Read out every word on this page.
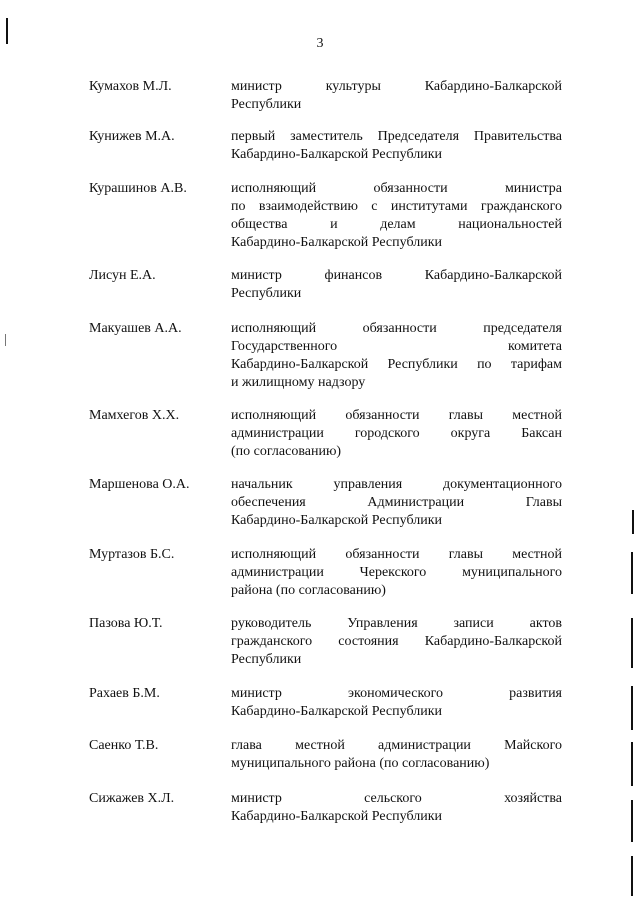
3
Кумахов М.Л.	министр культуры Кабардино-Балкарской
Республики
Кунижев М.А.	первый заместитель Председателя Правительства
Кабардино-Балкарской Республики
Курашинов А.В.	исполняющий обязанности министра
по взаимодействию с институтами гражданского
общества и делам национальностей
Кабардино-Балкарской Республики
Лисун Е.А.	министр финансов Кабардино-Балкарской
Республики
Макуашев А.А.	исполняющий обязанности председателя
Государственного комитета
Кабардино-Балкарской Республики по тарифам
и жилищному надзору
Мамхегов Х.Х.	исполняющий обязанности главы местной
администрации городского округа Баксан
(по согласованию)
Маршенова О.А.	начальник управления документационного
обеспечения Администрации Главы
Кабардино-Балкарской Республики
Муртазов Б.С.	исполняющий обязанности главы местной
администрации Черекского муниципального
района (по согласованию)
Пазова Ю.Т.	руководитель Управления записи актов
гражданского состояния Кабардино-Балкарской
Республики
Рахаев Б.М.	министр экономического развития
Кабардино-Балкарской Республики
Саенко Т.В.	глава местной администрации Майского
муниципального района (по согласованию)
Сижажев Х.Л.	министр сельского хозяйства
Кабардино-Балкарской Республики
